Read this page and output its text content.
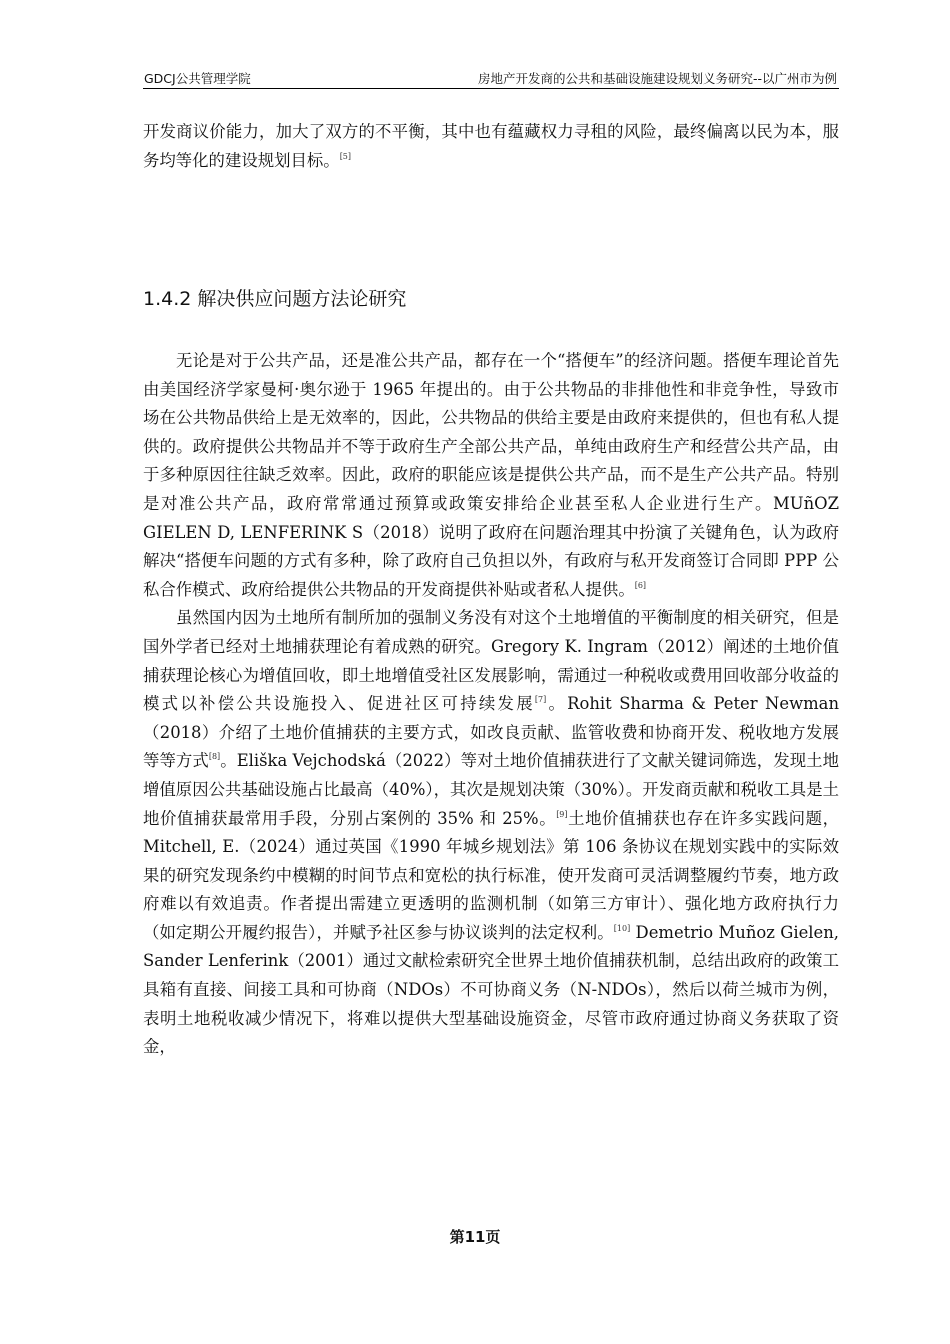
GDCJ公共管理学院	房地产开发商的公共和基础设施建设规划义务研究--以广州市为例

开发商议价能力，加大了双方的不平衡，其中也有蕴藏权力寻租的风险，最终偏离以民为本，服务均等化的建设规划目标。[5]

1.4.2 解决供应问题方法论研究

无论是对于公共产品，还是准公共产品，都存在一个“搭便车”的经济问题。搭便车理论首先由美国经济学家曼柯·奥尔逊于 1965 年提出的。由于公共物品的非排他性和非竞争性，导致市场在公共物品供给上是无效率的，因此，公共物品的供给主要是由政府来提供的，但也有私人提供的。政府提供公共物品并不等于政府生产全部公共产品，单纯由政府生产和经营公共产品，由于多种原因往往缺乏效率。因此，政府的职能应该是提供公共产品，而不是生产公共产品。特别是对准公共产品，政府常常通过预算或政策安排给企业甚至私人企业进行生产。MUñOZ GIELEN D, LENFERINK S（2018）说明了政府在问题治理其中扮演了关键角色，认为政府解决“搭便车问题的方式有多种，除了政府自己负担以外，有政府与私开发商签订合同即 PPP 公私合作模式、政府给提供公共物品的开发商提供补贴或者私人提供。[6]

虽然国内因为土地所有制所加的强制义务没有对这个土地增值的平衡制度的相关研究，但是国外学者已经对土地捕获理论有着成熟的研究。Gregory K. Ingram（2012）阐述的土地价值捕获理论核心为增值回收，即土地增值受社区发展影响，需通过一种税收或费用回收部分收益的模式以补偿公共设施投入、促进社区可持续发展[7]。Rohit Sharma & Peter Newman（2018）介绍了土地价值捕获的主要方式，如改良贡献、监管收费和协商开发、税收地方发展等等方式[8]。Eliška Vejchodská（2022）等对土地价值捕获进行了文献关键词筛选，发现土地增值原因公共基础设施占比最高（40%），其次是规划决策（30%）。开发商贡献和税收工具是土地价值捕获最常用手段，分别占案例的 35% 和 25%。[9]土地价值捕获也存在许多实践问题，Mitchell, E.（2024）通过英国《1990 年城乡规划法》第 106 条协议在规划实践中的实际效果的研究发现条约中模糊的时间节点和宽松的执行标准，使开发商可灵活调整履约节奏，地方政府难以有效追责。作者提出需建立更透明的监测机制（如第三方审计）、强化地方政府执行力（如定期公开履约报告），并赋予社区参与协议谈判的法定权利。[10] Demetrio Muñoz Gielen, Sander Lenferink（2001）通过文献检索研究全世界土地价值捕获机制，总结出政府的政策工具箱有直接、间接工具和可协商（NDOs）不可协商义务（N-NDOs），然后以荷兰城市为例，表明土地税收减少情况下，将难以提供大型基础设施资金，尽管市政府通过协商义务获取了资金，

第11页
